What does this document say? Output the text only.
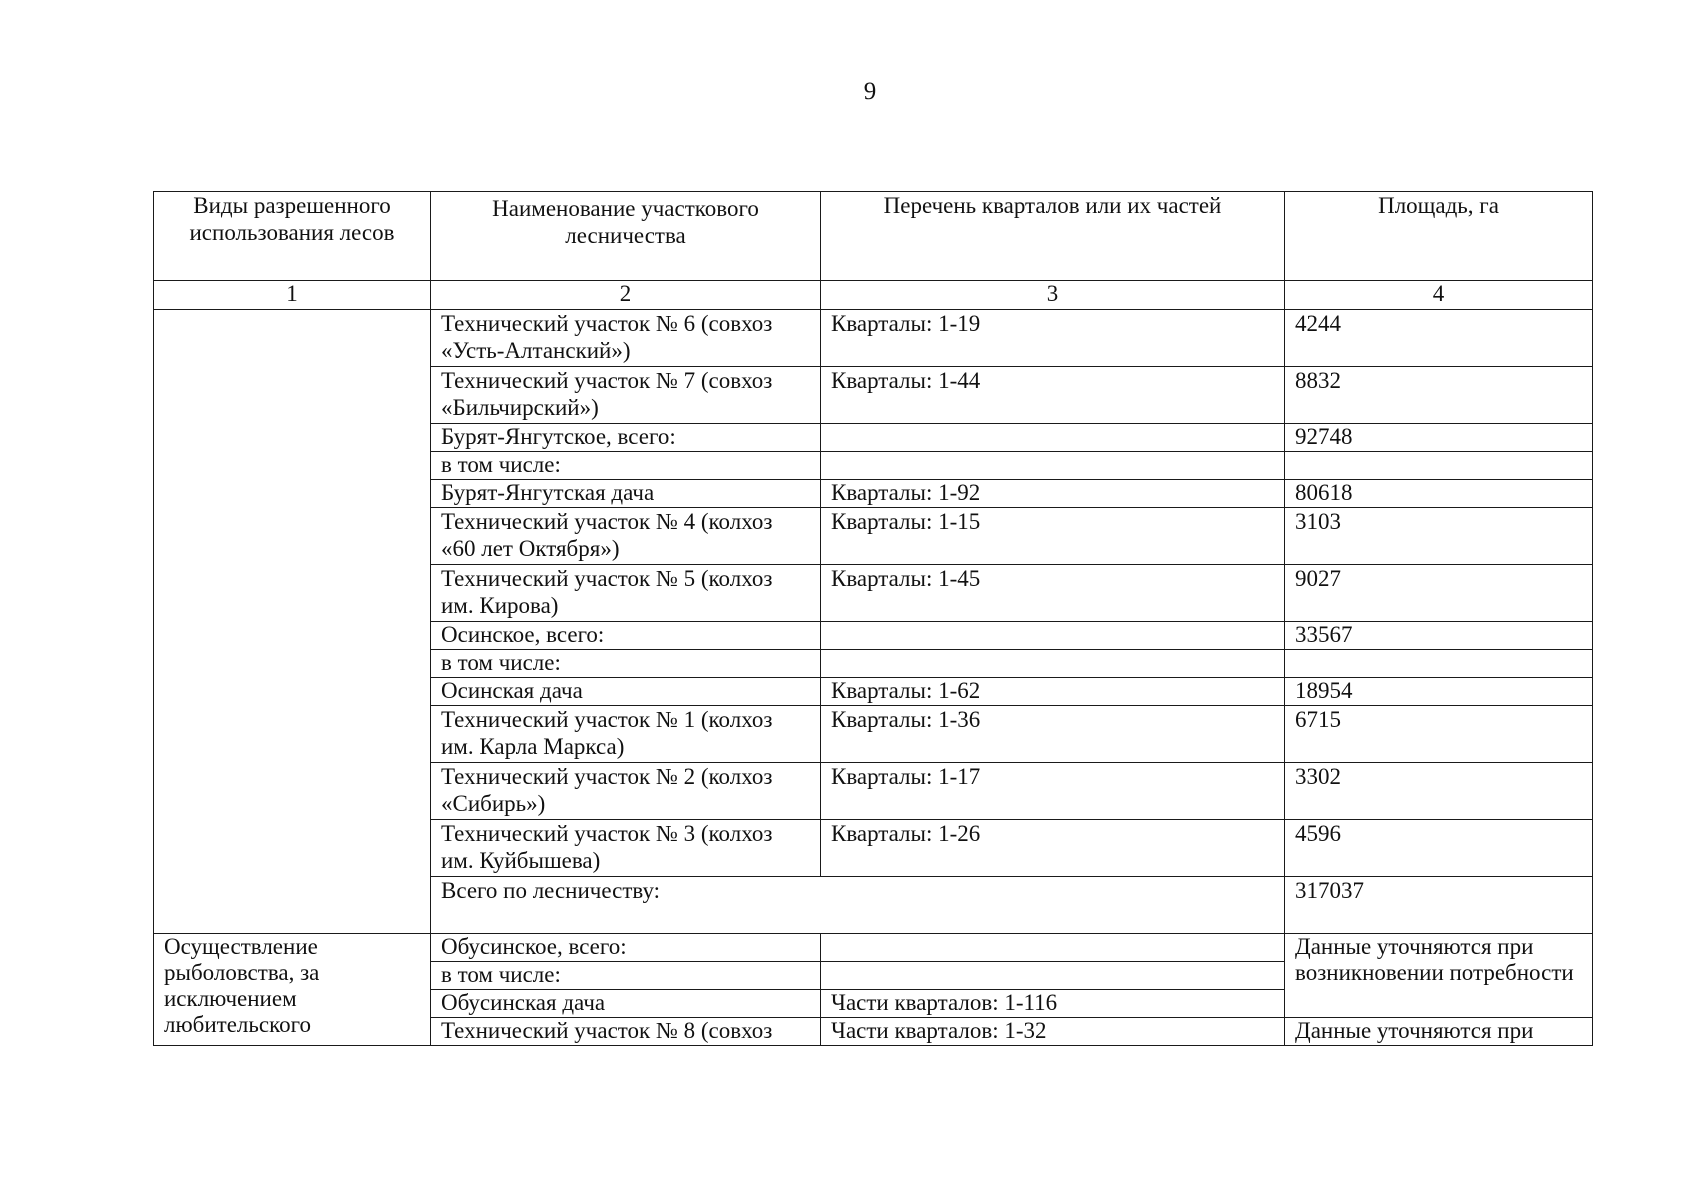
9
Виды разрешенного использования лесов	Наименование участкового лесничества	Перечень кварталов или их частей	Площадь, га
1	2	3	4
	Технический участок № 6 (совхоз «Усть-Алтанский»)	Кварталы: 1-19	4244
	Технический участок № 7 (совхоз «Бильчирский»)	Кварталы: 1-44	8832
	Бурят-Янгутское, всего:		92748
	в том числе:		
	Бурят-Янгутская дача	Кварталы: 1-92	80618
	Технический участок № 4 (колхоз «60 лет Октября»)	Кварталы: 1-15	3103
	Технический участок № 5 (колхоз им. Кирова)	Кварталы: 1-45	9027
	Осинское, всего:		33567
	в том числе:		
	Осинская дача	Кварталы: 1-62	18954
	Технический участок № 1 (колхоз им. Карла Маркса)	Кварталы: 1-36	6715
	Технический участок № 2 (колхоз «Сибирь»)	Кварталы: 1-17	3302
	Технический участок № 3 (колхоз им. Куйбышева)	Кварталы: 1-26	4596
	Всего по лесничеству:		317037
Осуществление рыболовства, за исключением любительского	Обусинское, всего:		Данные уточняются при возникновении потребности
	в том числе:		
	Обусинская дача	Части кварталов: 1-116	
	Технический участок № 8 (совхоз	Части кварталов: 1-32	Данные уточняются при
